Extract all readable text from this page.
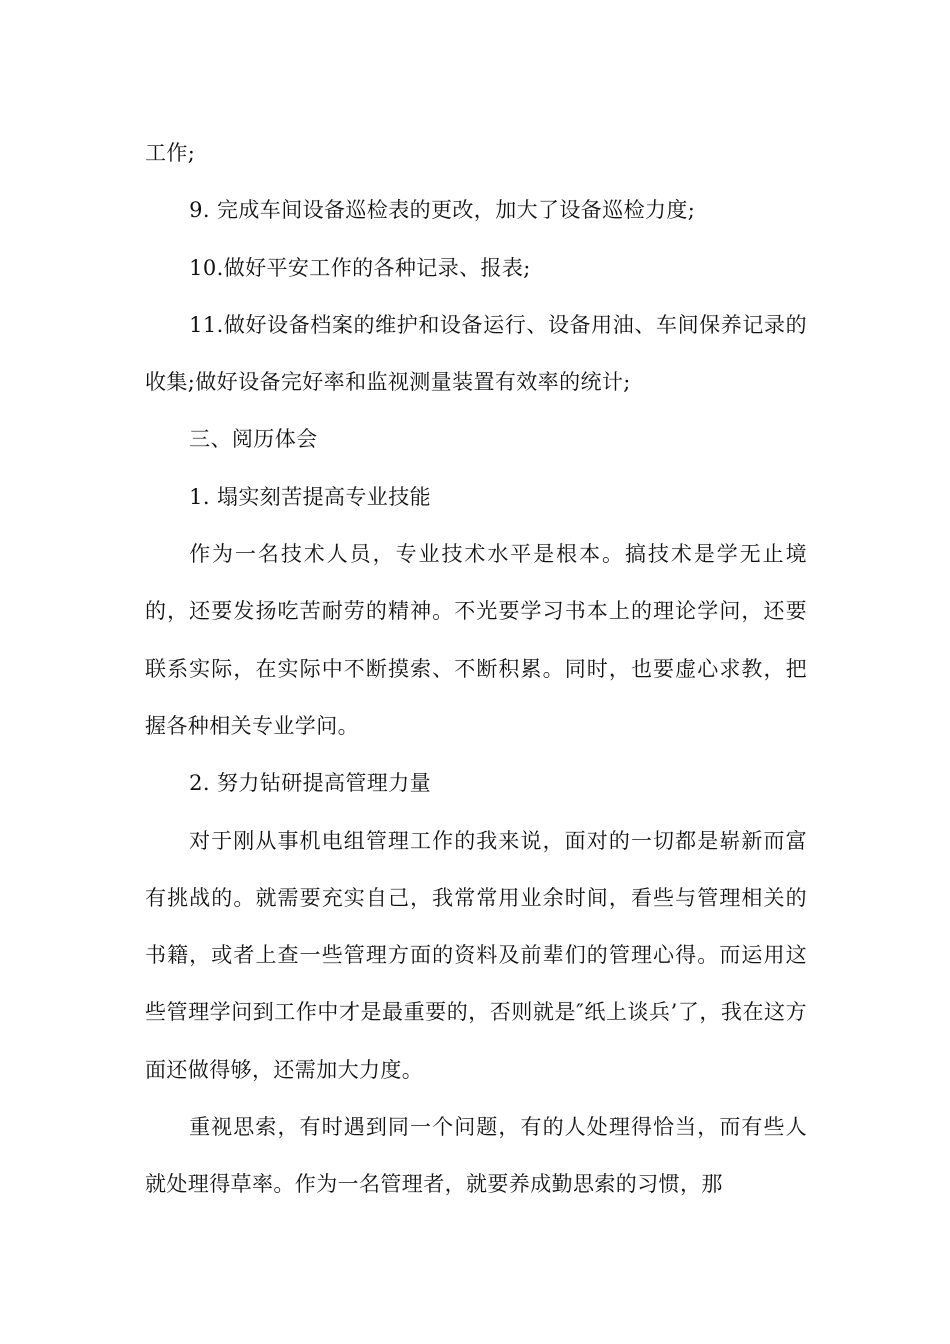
工作;

9. 完成车间设备巡检表的更改，加大了设备巡检力度;

10.做好平安工作的各种记录、报表;

11.做好设备档案的维护和设备运行、设备用油、车间保养记录的收集;做好设备完好率和监视测量装置有效率的统计;

三、阅历体会

1. 塌实刻苦提高专业技能

作为一名技术人员，专业技术水平是根本。搞技术是学无止境的，还要发扬吃苦耐劳的精神。不光要学习书本上的理论学问，还要联系实际，在实际中不断摸索、不断积累。同时，也要虚心求教，把握各种相关专业学问。

2. 努力钻研提高管理力量

对于刚从事机电组管理工作的我来说，面对的一切都是崭新而富有挑战的。就需要充实自己，我常常用业余时间，看些与管理相关的书籍，或者上查一些管理方面的资料及前辈们的管理心得。而运用这些管理学问到工作中才是最重要的，否则就是″纸上谈兵’了，我在这方面还做得够，还需加大力度。

重视思索，有时遇到同一个问题，有的人处理得恰当，而有些人就处理得草率。作为一名管理者，就要养成勤思索的习惯，那
